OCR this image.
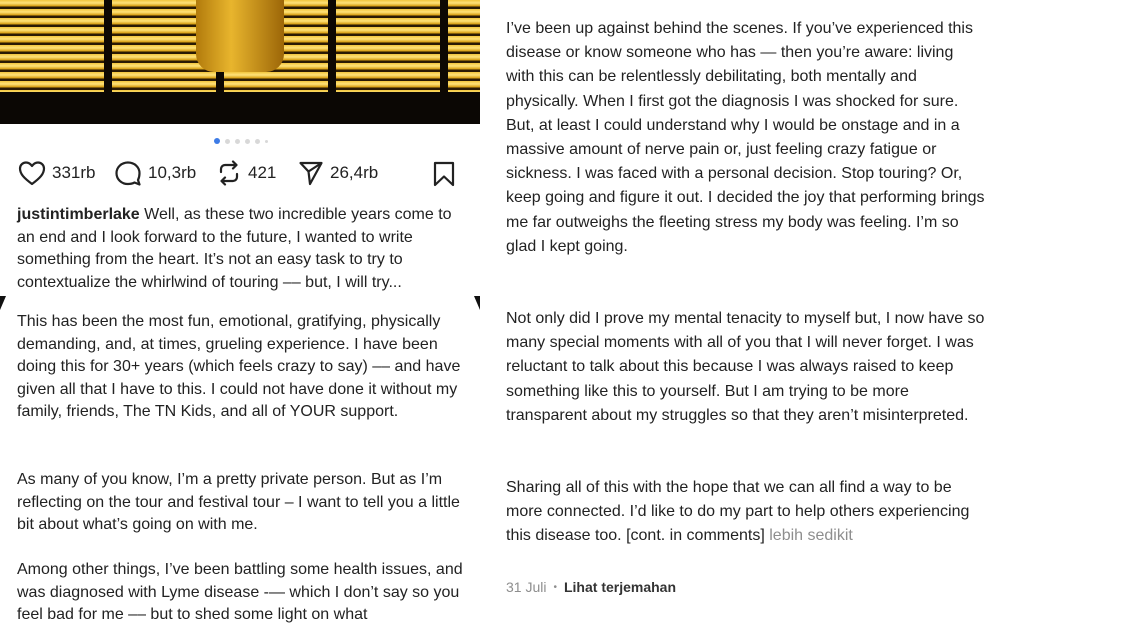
331rb	10,3rb	421	26,4rb

justintimberlake Well, as these two incredible years come to an end and I look forward to the future, I wanted to write something from the heart. It’s not an easy task to try to contextualize the whirlwind of touring –– but, I will try...

This has been the most fun, emotional, gratifying, physically demanding, and, at times, grueling experience. I have been doing this for 30+ years (which feels crazy to say) –– and have given all that I have to this. I could not have done it without my family, friends, The TN Kids, and all of YOUR support.

As many of you know, I’m a pretty private person. But as I’m reflecting on the tour and festival tour – I want to tell you a little bit about what’s going on with me.

Among other things, I’ve been battling some health issues, and was diagnosed with Lyme disease -— which I don’t say so you feel bad for me –– but to shed some light on what

I’ve been up against behind the scenes. If you’ve experienced this disease or know someone who has — then you’re aware: living with this can be relentlessly debilitating, both mentally and physically. When I first got the diagnosis I was shocked for sure. But, at least I could understand why I would be onstage and in a massive amount of nerve pain or, just feeling crazy fatigue or sickness. I was faced with a personal decision. Stop touring? Or, keep going and figure it out. I decided the joy that performing brings me far outweighs the fleeting stress my body was feeling. I’m so glad I kept going.

Not only did I prove my mental tenacity to myself but, I now have so many special moments with all of you that I will never forget. I was reluctant to talk about this because I was always raised to keep something like this to yourself. But I am trying to be more transparent about my struggles so that they aren’t misinterpreted.

Sharing all of this with the hope that we can all find a way to be more connected. I’d like to do my part to help others experiencing this disease too. [cont. in comments] lebih sedikit

31 Juli • Lihat terjemahan
